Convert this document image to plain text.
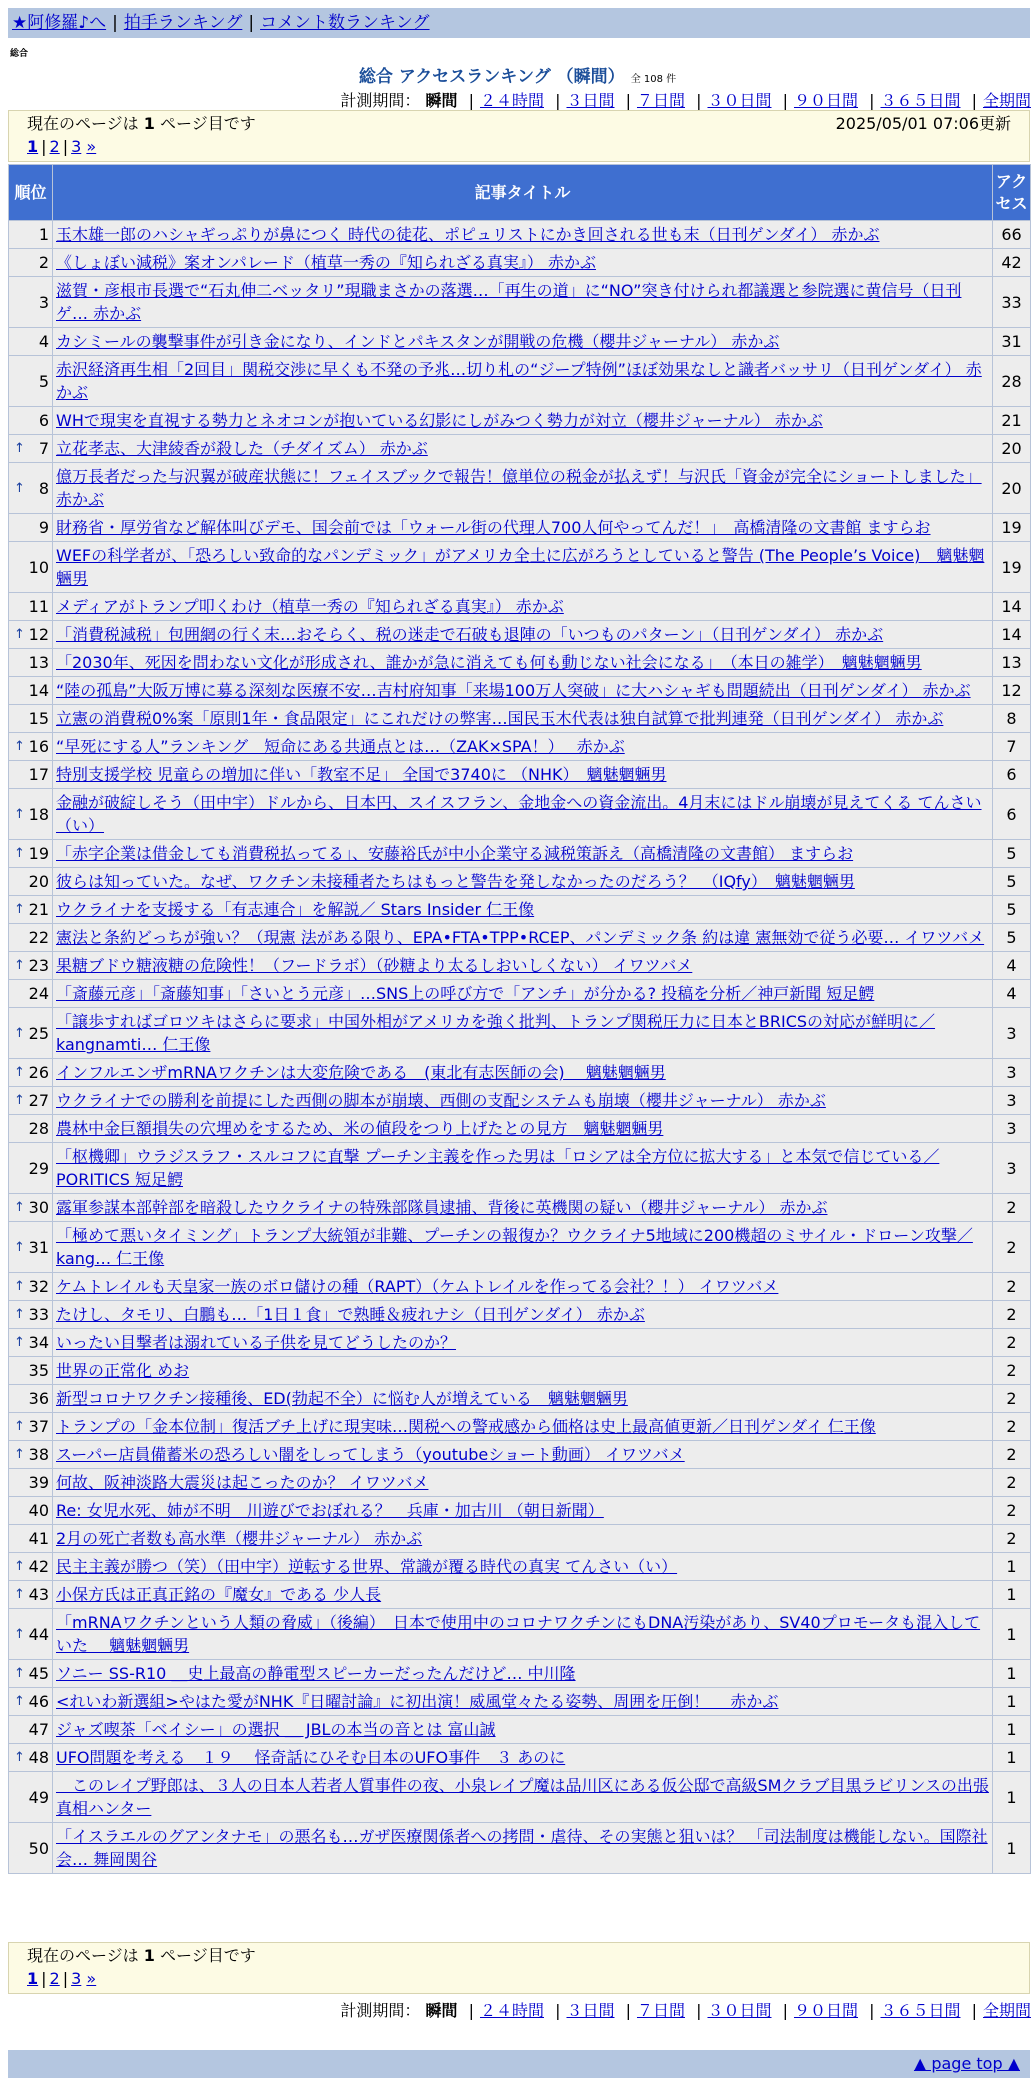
★阿修羅♪へ | 拍手ランキング | コメント数ランキング
総合
総合 アクセスランキング （瞬間） 全 108 件
計測期間： 瞬間 | ２４時間 | ３日間 | ７日間 | ３０日間 | ９０日間 | ３６５日間 | 全期間
現在のページは 1 ページ目です	2025/05/01 07:06更新
1 | 2 | 3 »
順位	記事タイトル	アクセス
1	玉木雄一郎のハシャギっぷりが鼻につく 時代の徒花、ポピュリストにかき回される世も末（日刊ゲンダイ） 赤かぶ	66
2	《しょぼい減税》案オンパレード（植草一秀の『知られざる真実』） 赤かぶ	42
3	滋賀・彦根市長選で“石丸伸二ベッタリ”現職まさかの落選…「再生の道」に“NO”突き付けられ都議選と参院選に黄信号（日刊ゲ… 赤かぶ	33
4	カシミールの襲撃事件が引き金になり、インドとパキスタンが開戦の危機（櫻井ジャーナル） 赤かぶ	31
5	赤沢経済再生相「2回目」関税交渉に早くも不発の予兆…切り札の“ジープ特例”ほぼ効果なしと識者バッサリ（日刊ゲンダイ） 赤かぶ	28
6	WHで現実を直視する勢力とネオコンが抱いている幻影にしがみつく勢力が対立（櫻井ジャーナル） 赤かぶ	21

↑ 7	立花孝志、大津綾香が殺した（チダイズム） 赤かぶ	20

↑ 8	億万長者だった与沢翼が破産状態に！フェイスブックで報告！億単位の税金が払えず！与沢氏「資金が完全にショートしました」 赤かぶ	20
9	財務省・厚労省など解体叫びデモ、国会前では「ウォール街の代理人700人何やってんだ！」　高橋清隆の文書館 ますらお	19
10	WEFの科学者が、「恐ろしい致命的なパンデミック」がアメリカ全土に広がろうとしていると警告 (The People’s Voice)　魑魅魍魎男	19
11	メディアがトランプ叩くわけ（植草一秀の『知られざる真実』） 赤かぶ	14

↑ 12	「消費税減税」包囲網の行く末…おそらく、税の迷走で石破も退陣の「いつものパターン」（日刊ゲンダイ） 赤かぶ	14
13	「2030年、死因を問わない文化が形成され、誰かが急に消えても何も動じない社会になる」　（本日の雑学）　魑魅魍魎男	13
14	“陸の孤島”大阪万博に募る深刻な医療不安…吉村府知事「来場100万人突破」に大ハシャギも問題続出（日刊ゲンダイ） 赤かぶ	12
15	立憲の消費税0%案「原則1年・食品限定」にこれだけの弊害…国民玉木代表は独自試算で批判連発（日刊ゲンダイ） 赤かぶ	8

↑ 16	“早死にする人”ランキング　短命にある共通点とは…（ZAK×SPA！）　 赤かぶ	7
17	特別支援学校 児童らの増加に伴い「教室不足」 全国で3740に （NHK）　魑魅魍魎男	6

↑ 18	金融が破綻しそう（田中宇）ドルから、日本円、スイスフラン、金地金への資金流出。4月末にはドル崩壊が見えてくる てんさい（い）	6

↑ 19	「赤字企業は借金しても消費税払ってる」、安藤裕氏が中小企業守る減税策訴え（高橋清隆の文書館） ますらお	5
20	彼らは知っていた。なぜ、ワクチン未接種者たちはもっと警告を発しなかったのだろう？　（IQfy）　魑魅魍魎男	5

↑ 21	ウクライナを支援する「有志連合」を解説／ Stars Insider 仁王像	5
22	憲法と条約どっちが強い？（現憲 法がある限り、EPA•FTA•TPP•RCEP、パンデミック条 約は違 憲無効で従う必要… イワツバメ	5

↑ 23	果糖ブドウ糖液糖の危険性！（フードラボ）（砂糖より太るしおいしくない） イワツバメ	4
24	「斎藤元彦」「斎藤知事」「さいとう元彦」…SNS上の呼び方で「アンチ」が分かる? 投稿を分析／神戸新聞 短足鰐	4

↑ 25	「譲歩すればゴロツキはさらに要求」中国外相がアメリカを強く批判、トランプ関税圧力に日本とBRICSの対応が鮮明に／kangnamti… 仁王像	3

↑ 26	インフルエンザmRNAワクチンは大変危険である　(東北有志医師の会)　 魑魅魍魎男	3

↑ 27	ウクライナでの勝利を前提にした西側の脚本が崩壊、西側の支配システムも崩壊（櫻井ジャーナル） 赤かぶ	3
28	農林中金巨額損失の穴埋めをするため、米の値段をつり上げたとの見方　魑魅魍魎男	3
29	「枢機卿」ウラジスラフ・スルコフに直撃 プーチン主義を作った男は「ロシアは全方位に拡大する」と本気で信じている／PORITICS 短足鰐	3

↑ 30	露軍参謀本部幹部を暗殺したウクライナの特殊部隊員逮捕、背後に英機関の疑い（櫻井ジャーナル） 赤かぶ	2

↑ 31	「極めて悪いタイミング」トランプ大統領が非難、プーチンの報復か？ウクライナ5地域に200機超のミサイル・ドローン攻撃／kang… 仁王像	2

↑ 32	ケムトレイルも天皇家一族のボロ儲けの種（RAPT）（ケムトレイルを作ってる会社？！） イワツバメ	2

↑ 33	たけし、タモリ、白鵬も…「1日１食」で熟睡＆疲れナシ（日刊ゲンダイ） 赤かぶ	2

↑ 34	いったい目撃者は溺れている子供を見てどうしたのか？	2
35	世界の正常化 めお	2
36	新型コロナワクチン接種後、ED(勃起不全）に悩む人が増えている　魑魅魍魎男	2

↑ 37	トランプの「金本位制」復活ブチ上げに現実味…関税への警戒感から価格は史上最高値更新／日刊ゲンダイ 仁王像	2

↑ 38	スーパー店員備蓄米の恐ろしい闇をしってしまう（youtubeショート動画） イワツバメ	2
39	何故、阪神淡路大震災は起こったのか？ イワツバメ	2
40	Re: 女児水死、姉が不明　川遊びでおぼれる？　兵庫・加古川 （朝日新聞）	2
41	2月の死亡者数も高水準（櫻井ジャーナル） 赤かぶ	2

↑ 42	民主主義が勝つ（笑）（田中宇）逆転する世界、常識が覆る時代の真実 てんさい（い）	1

↑ 43	小保方氏は正真正銘の『魔女』である 少人長	1

↑ 44	「mRNAワクチンという人類の脅威」（後編）　日本で使用中のコロナワクチンにもDNA汚染があり、SV40プロモータも混入していた　 魑魅魍魎男	1

↑ 45	ソニー SS-R10 ＿史上最高の静電型スピーカーだったんだけど… 中川隆	1

↑ 46	<れいわ新選組>やはた愛がNHK『日曜討論』に初出演！威風堂々たる姿勢、周囲を圧倒！　 赤かぶ	1
47	ジャズ喫茶「ベイシー」の選択 ＿ JBLの本当の音とは 富山誠	1

↑ 48	UFO問題を考える　１９　 怪奇話にひそむ日本のUFO事件　３ あのに	1
49	　このレイプ野郎は、３人の日本人若者人質事件の夜、小泉レイプ魔は品川区にある仮公邸で高級SMクラブ目黒ラビリンスの出張 真相ハンター	1
50	「イスラエルのグアンタナモ」の悪名も…ガザ医療関係者への拷問・虐待、その実態と狙いは？ 「司法制度は機能しない。国際社会… 舞岡関谷	1
現在のページは 1 ページ目です
1 | 2 | 3 »
計測期間： 瞬間 | ２４時間 | ３日間 | ７日間 | ３０日間 | ９０日間 | ３６５日間 | 全期間
▲ page top ▲
